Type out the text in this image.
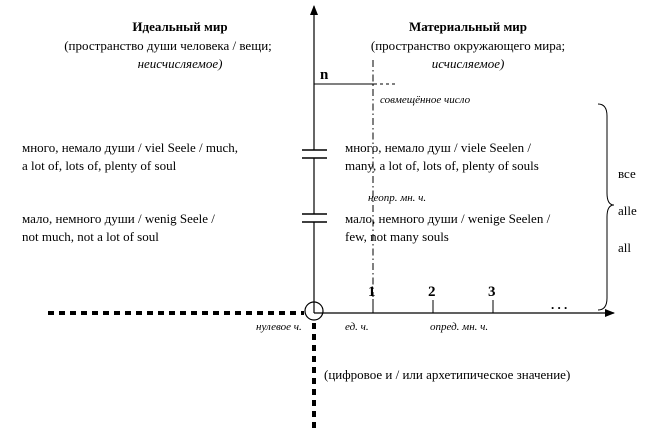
Идеальный мир
(пространство души человека / вещи;
неисчисляемое)
Материальный мир
(пространство окружающего мира;
исчисляемое)
n
совмещённое число
много, немало души / viel Seele / much,
a lot of, lots of, plenty of soul
мало, немного души / wenig Seele /
not much, not a lot of soul
много, немало душ / viele Seelen /
many, a lot of, lots of, plenty of souls
неопр. мн. ч.
мало, немного души / wenige Seelen /
few, not many souls
все
alle
all
1	2	3
. . .
нулевое ч.	ед. ч.	опред. мн. ч.
(цифровое и / или архетипическое значение)
